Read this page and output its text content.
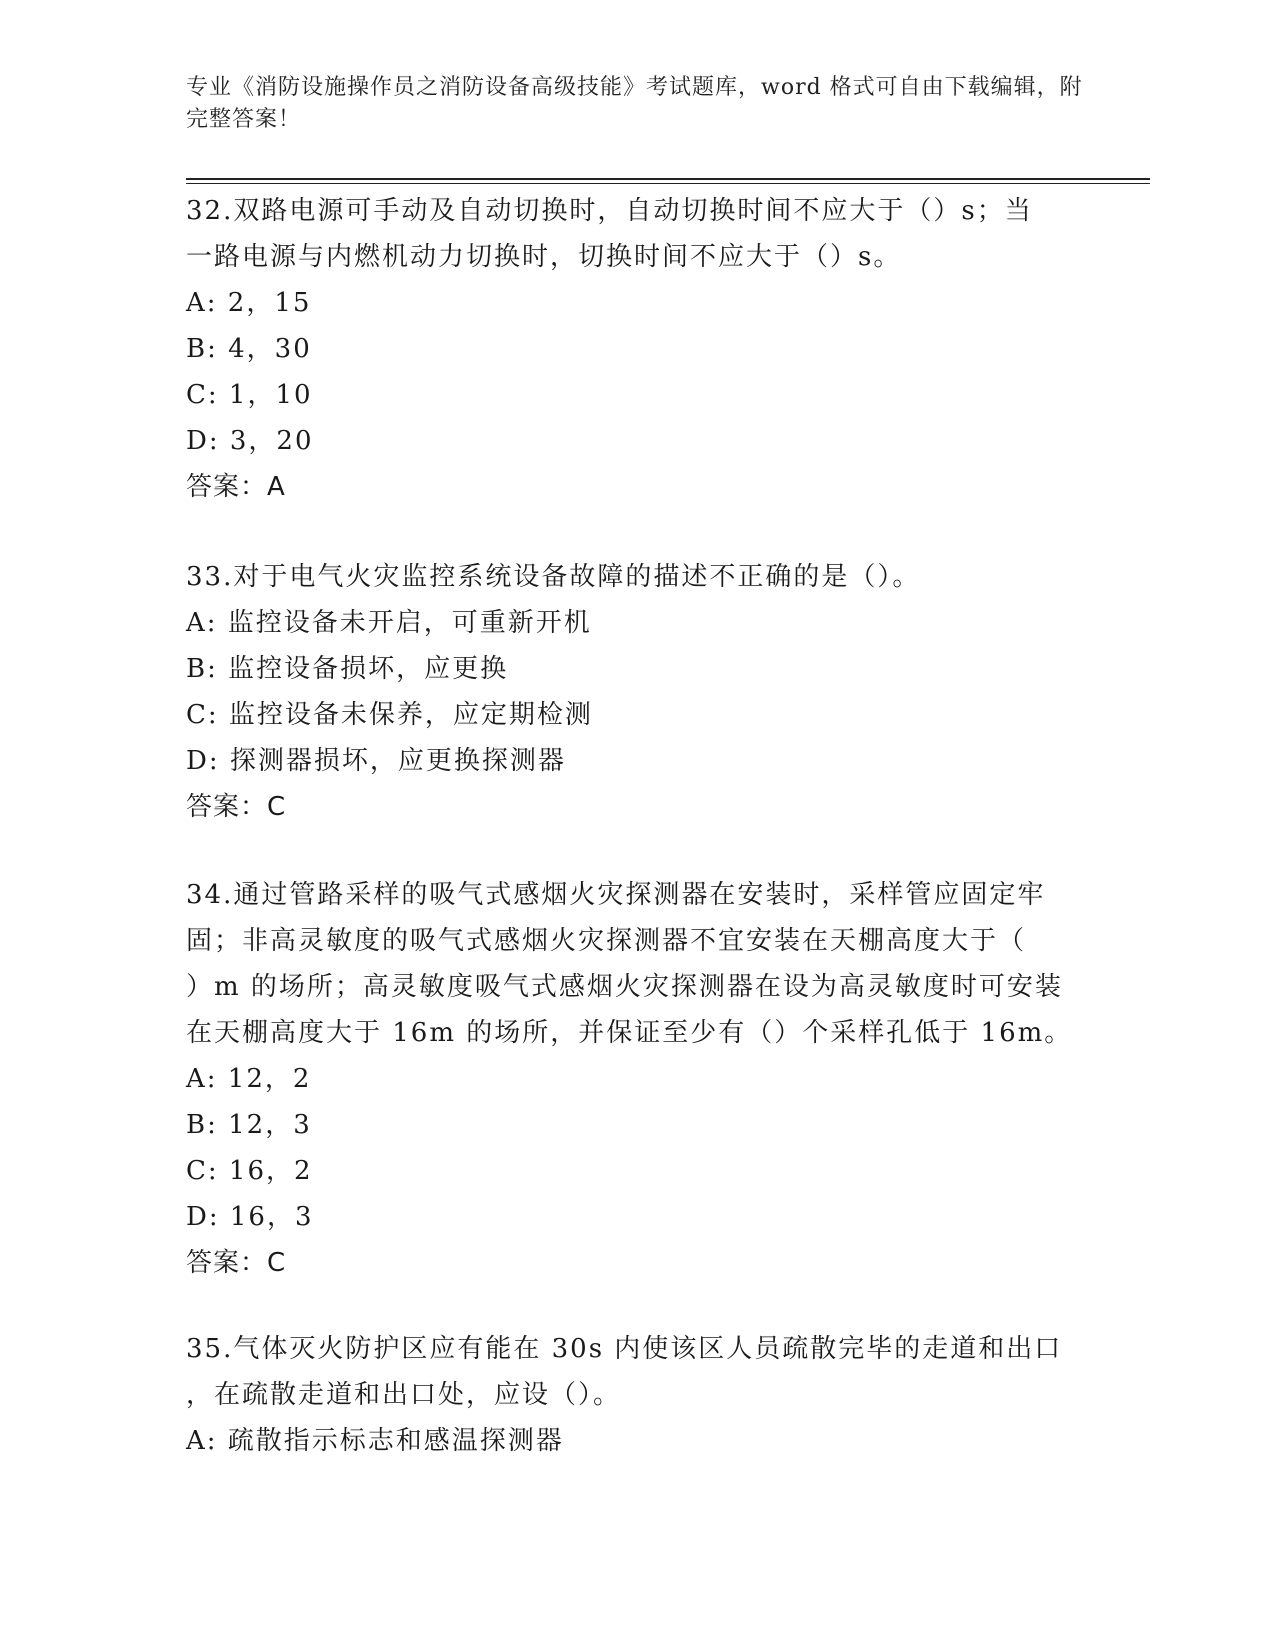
专业《消防设施操作员之消防设备高级技能》考试题库，word 格式可自由下载编辑，附完整答案！

32.双路电源可手动及自动切换时，自动切换时间不应大于（）s；当

一路电源与内燃机动力切换时，切换时间不应大于（）s。

A: 2，15

B: 4，30

C: 1，10

D: 3，20

答案：A

33.对于电气火灾监控系统设备故障的描述不正确的是（）。

A: 监控设备未开启，可重新开机

B: 监控设备损坏，应更换

C: 监控设备未保养，应定期检测

D: 探测器损坏，应更换探测器

答案：C

34.通过管路采样的吸气式感烟火灾探测器在安装时，采样管应固定牢

固；非高灵敏度的吸气式感烟火灾探测器不宜安装在天棚高度大于（

）m 的场所；高灵敏度吸气式感烟火灾探测器在设为高灵敏度时可安装

在天棚高度大于 16m 的场所，并保证至少有（）个采样孔低于 16m。

A: 12，2

B: 12，3

C: 16，2

D: 16，3

答案：C

35.气体灭火防护区应有能在 30s 内使该区人员疏散完毕的走道和出口

，在疏散走道和出口处，应设（）。

A: 疏散指示标志和感温探测器
